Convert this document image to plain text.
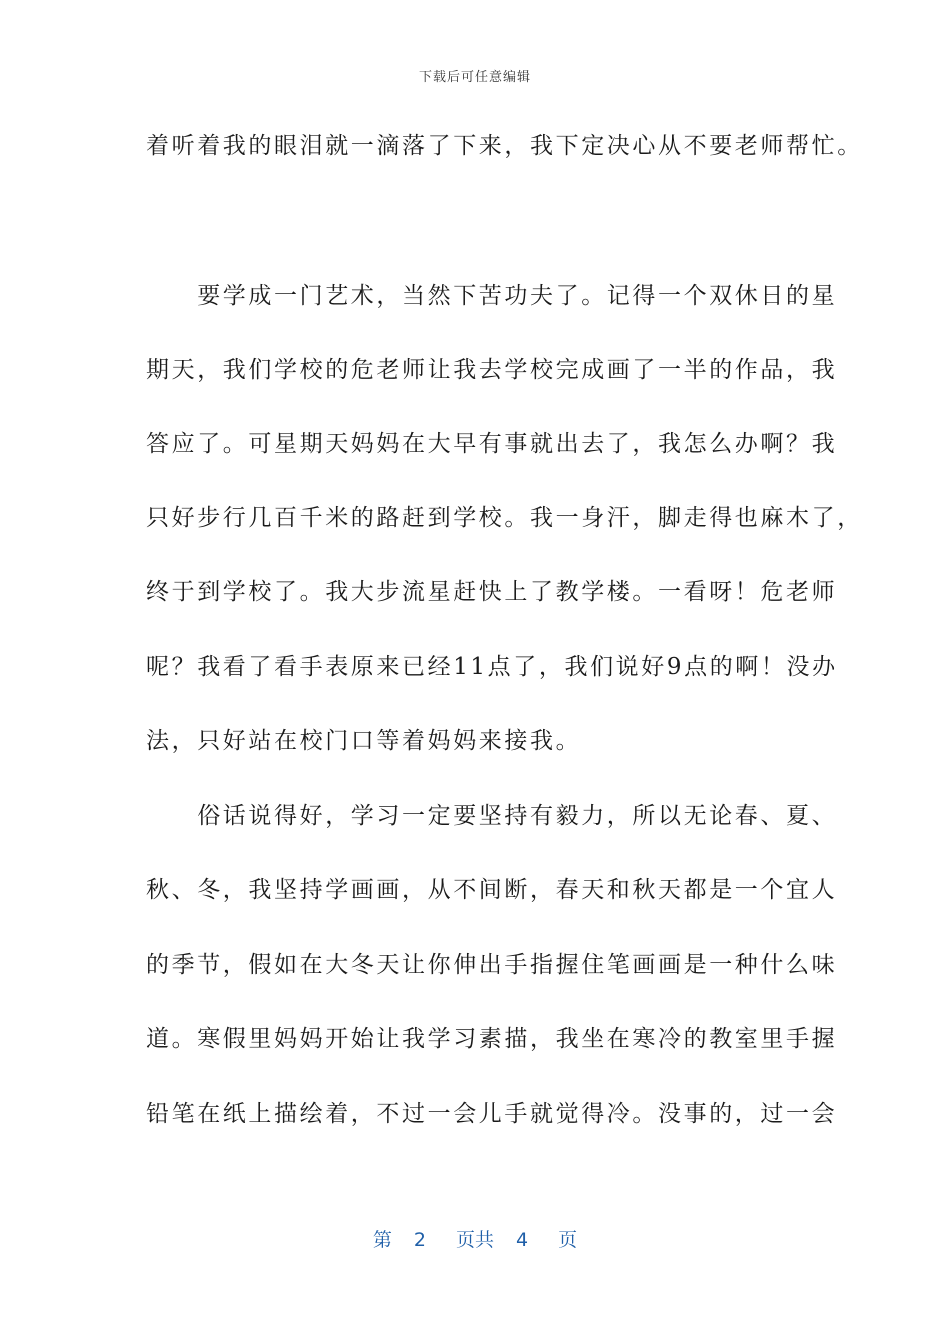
下载后可任意编辑
着听着我的眼泪就一滴落了下来，我下定决心从不要老师帮忙。
　　要学成一门艺术，当然下苦功夫了。记得一个双休日的星
期天，我们学校的危老师让我去学校完成画了一半的作品，我
答应了。可星期天妈妈在大早有事就出去了，我怎么办啊？我
只好步行几百千米的路赶到学校。我一身汗，脚走得也麻木了，
终于到学校了。我大步流星赶快上了教学楼。一看呀！危老师
呢？我看了看手表原来已经11点了，我们说好9点的啊！没办
法，只好站在校门口等着妈妈来接我。
　　俗话说得好，学习一定要坚持有毅力，所以无论春、夏、
秋、冬，我坚持学画画，从不间断，春天和秋天都是一个宜人
的季节，假如在大冬天让你伸出手指握住笔画画是一种什么味
道。寒假里妈妈开始让我学习素描，我坐在寒冷的教室里手握
铅笔在纸上描绘着，不过一会儿手就觉得冷。没事的，过一会
第 2 页共 4 页
